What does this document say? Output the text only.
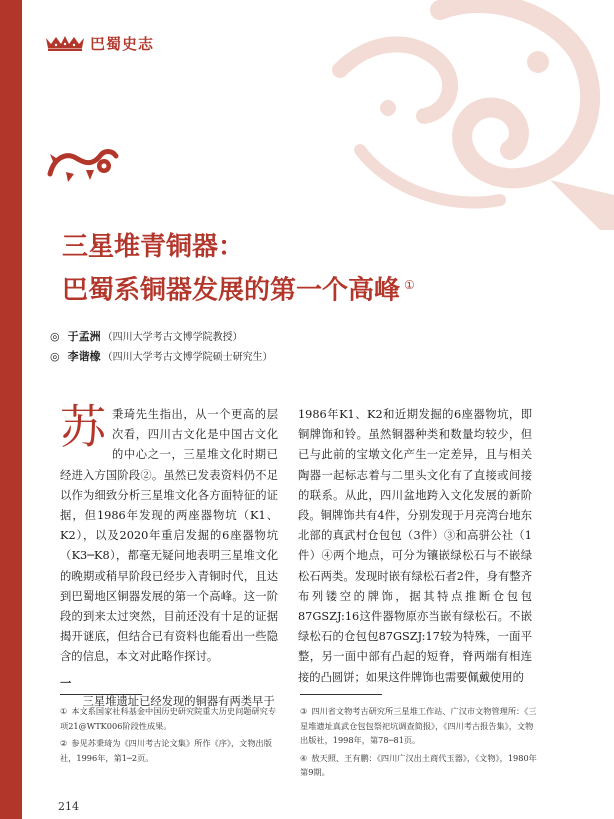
巴蜀史志
三星堆青铜器：
巴蜀系铜器发展的第一个高峰 ①
◎ 于孟洲 （四川大学考古文博学院教授）
◎ 李谐橡 （四川大学考古文博学院硕士研究生）

苏秉琦先生指出，从一个更高的层次看，四川古文化是中国古文化的中心之一，三星堆文化时期已经进入方国阶段②。虽然已发表资料仍不足以作为细致分析三星堆文化各方面特征的证据，但1986年发现的两座器物坑（K1、K2），以及2020年重启发掘的6座器物坑（K3─K8），都毫无疑问地表明三星堆文化的晚期或稍早阶段已经步入青铜时代，且达到巴蜀地区铜器发展的第一个高峰。这一阶段的到来太过突然，目前还没有十足的证据揭开谜底，但结合已有资料也能看出一些隐含的信息，本文对此略作探讨。

一

三星堆遗址已经发现的铜器有两类早于

1986年K1、K2和近期发掘的6座器物坑，即铜牌饰和铃。虽然铜器种类和数量均较少，但已与此前的宝墩文化产生一定差异，且与相关陶器一起标志着与二里头文化有了直接或间接的联系。从此，四川盆地跨入文化发展的新阶段。铜牌饰共有4件，分别发现于月亮湾台地东北部的真武村仓包包（3件）③和高骈公社（1件）④两个地点，可分为镶嵌绿松石与不嵌绿松石两类。发现时嵌有绿松石者2件，身有整齐布列镂空的牌饰，据其特点推断仓包包87GSZJ:16这件器物原亦当嵌有绿松石。不嵌绿松石的仓包包87GSZJ:17较为特殊，一面平整，另一面中部有凸起的短脊，脊两端有相连接的凸圆饼；如果这件牌饰也需要佩戴使用的

① 本文系国家社科基金中国历史研究院重大历史问题研究专项21@WTK006阶段性成果。
② 参见苏秉琦为《四川考古论文集》所作《序》，文物出版社，1996年，第1─2页。
③ 四川省文物考古研究所三星堆工作站、广汉市文物管理所：《三星堆遗址真武仓包包祭祀坑调查简报》，《四川考古报告集》，文物出版社，1998年，第78─81页。
④ 敖天照、王有鹏：《四川广汉出土商代玉器》，《文物》，1980年第9期。
214
